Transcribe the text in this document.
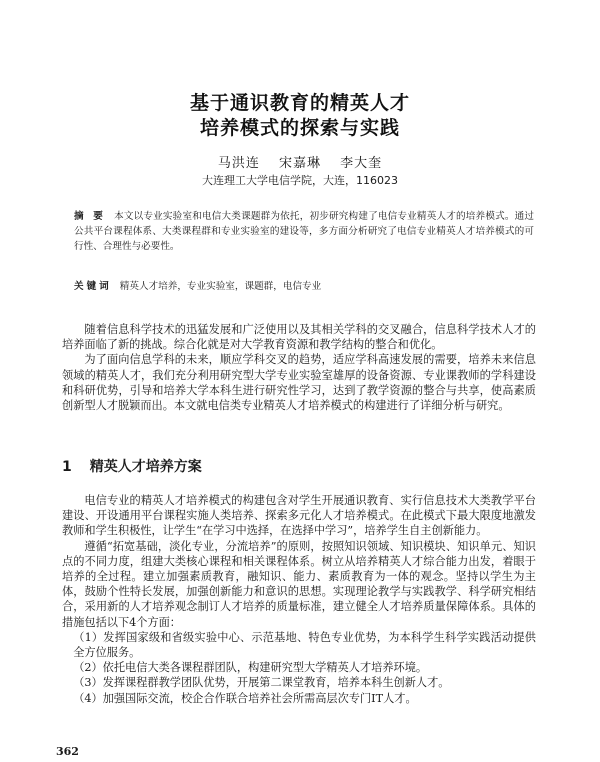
基于通识教育的精英人才
培养模式的探索与实践
马洪连 宋嘉琳 李大奎
大连理工大学电信学院，大连，116023
摘 要 本文以专业实验室和电信大类课题群为依托，初步研究构建了电信专业精英人才的培养模式。通过公共平台课程体系、大类课程群和专业实验室的建设等，多方面分析研究了电信专业精英人才培养模式的可行性、合理性与必要性。
关键词 精英人才培养，专业实验室，课题群，电信专业

随着信息科学技术的迅猛发展和广泛使用以及其相关学科的交叉融合，信息科学技术人才的培养面临了新的挑战。综合化就是对大学教育资源和教学结构的整合和优化。

为了面向信息学科的未来，顺应学科交叉的趋势，适应学科高速发展的需要，培养未来信息领域的精英人才，我们充分利用研究型大学专业实验室雄厚的设备资源、专业课教师的学科建设和科研优势，引导和培养大学本科生进行研究性学习，达到了教学资源的整合与共享，使高素质创新型人才脱颖而出。本文就电信类专业精英人才培养模式的构建进行了详细分析与研究。

1 精英人才培养方案

电信专业的精英人才培养模式的构建包含对学生开展通识教育、实行信息技术大类教学平台建设、开设通用平台课程实施人类培养、探索多元化人才培养模式。在此模式下最大限度地激发教师和学生积极性，让学生“在学习中选择，在选择中学习”，培养学生自主创新能力。

遵循“拓宽基础，淡化专业，分流培养”的原则，按照知识领域、知识模块、知识单元、知识点的不同力度，组建大类核心课程和相关课程体系。树立从培养精英人才综合能力出发，着眼于培养的全过程。建立加强素质教育，融知识、能力、素质教育为一体的观念。坚持以学生为主体，鼓励个性特长发展，加强创新能力和意识的思想。实现理论教学与实践教学、科学研究相结合，采用新的人才培养观念制订人才培养的质量标准，建立健全人才培养质量保障体系。具体的措施包括以下4个方面：

（1）发挥国家级和省级实验中心、示范基地、特色专业优势，为本科学生科学实践活动提供全方位服务。
（2）依托电信大类各课程群团队，构建研究型大学精英人才培养环境。
（3）发挥课程群教学团队优势，开展第二课堂教育，培养本科生创新人才。
（4）加强国际交流，校企合作联合培养社会所需高层次专门IT人才。
362
